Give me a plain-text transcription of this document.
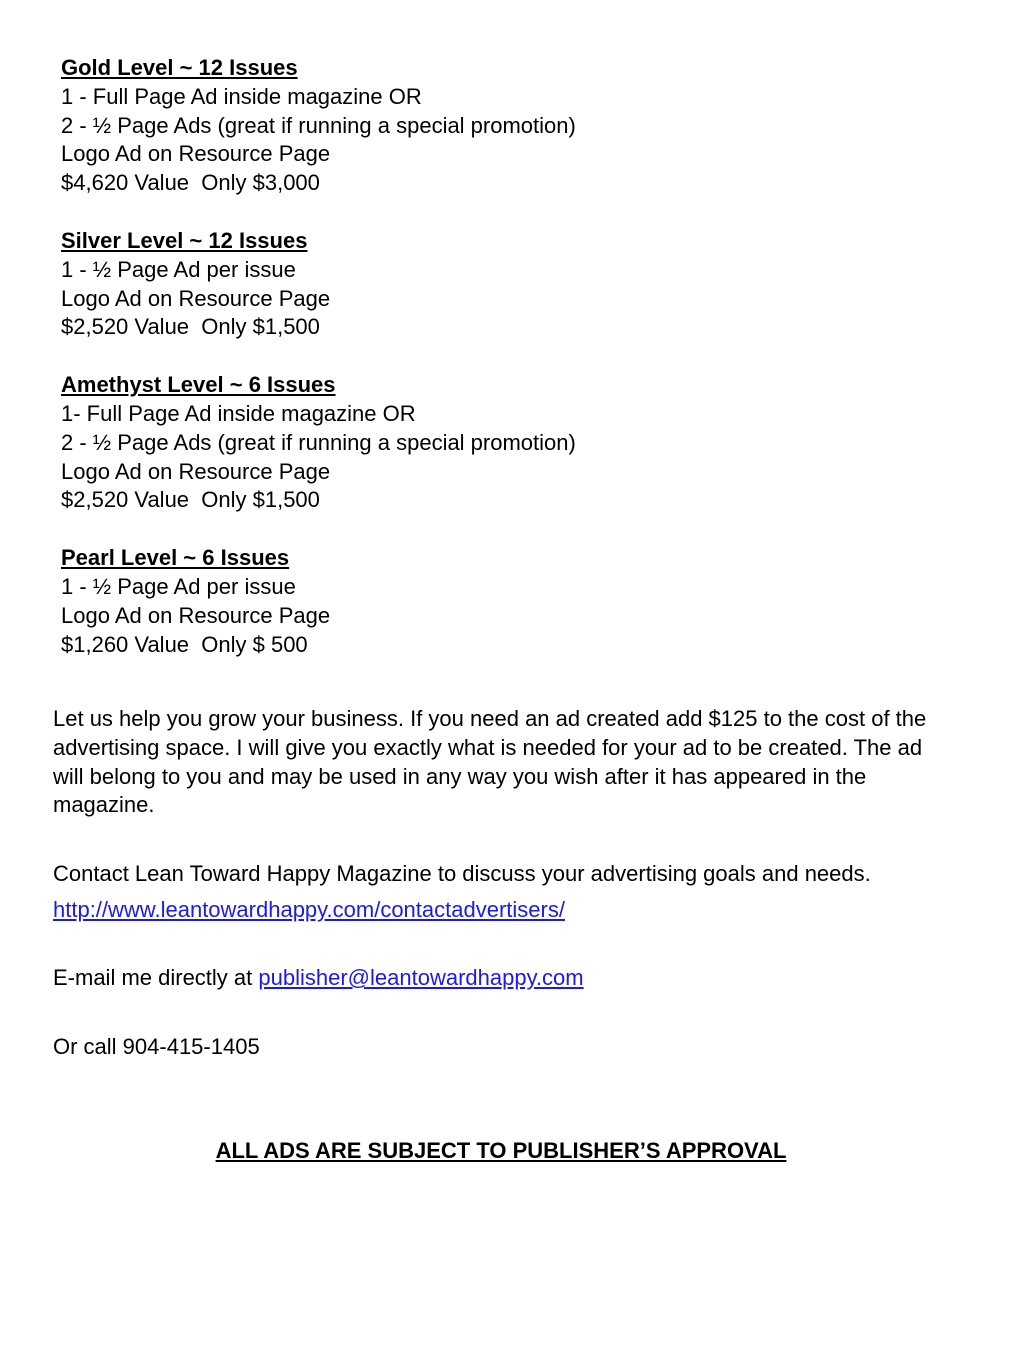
Gold Level ~ 12 Issues
1 - Full Page Ad inside magazine OR
2 - ½ Page Ads (great if running a special promotion)
Logo Ad on Resource Page
$4,620 Value  Only $3,000
Silver Level ~ 12 Issues
1 - ½ Page Ad per issue
Logo Ad on Resource Page
$2,520 Value  Only $1,500
Amethyst Level ~ 6 Issues
1- Full Page Ad inside magazine OR
2 - ½ Page Ads (great if running a special promotion)
Logo Ad on Resource Page
$2,520 Value  Only $1,500
Pearl Level ~ 6 Issues
1 - ½ Page Ad per issue
Logo Ad on Resource Page
$1,260 Value  Only $ 500

Let us help you grow your business. If you need an ad created add $125 to the cost of the advertising space. I will give you exactly what is needed for your ad to be created. The ad will belong to you and may be used in any way you wish after it has appeared in the magazine.

Contact Lean Toward Happy Magazine to discuss your advertising goals and needs.

http://www.leantowardhappy.com/contactadvertisers/

E-mail me directly at publisher@leantowardhappy.com

Or call 904-415-1405

ALL ADS ARE SUBJECT TO PUBLISHER’S APPROVAL
